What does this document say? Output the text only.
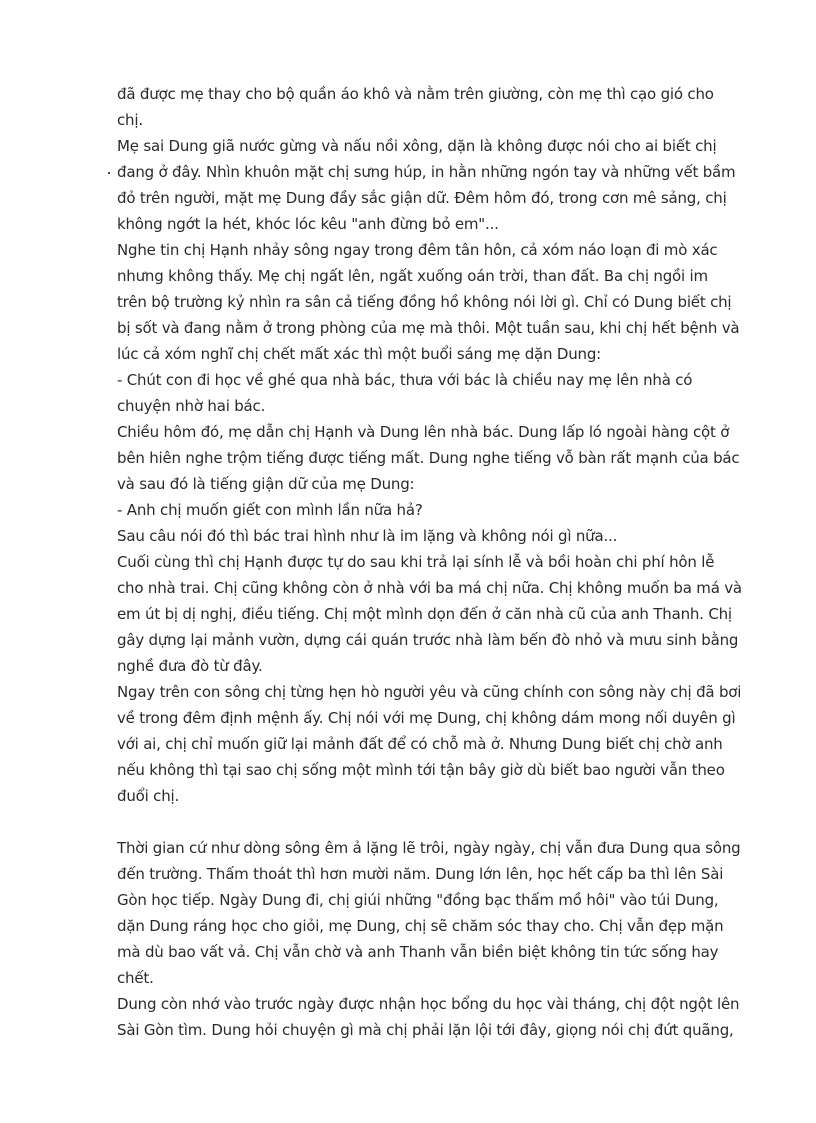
đã được mẹ thay cho bộ quần áo khô và nằm trên giường, còn mẹ thì cạo gió cho chị.

Mẹ sai Dung giã nước gừng và nấu nồi xông, dặn là không được nói cho ai biết chị đang ở đây. Nhìn khuôn mặt chị sưng húp, in hằn những ngón tay và những vết bầm đỏ trên người, mặt mẹ Dung đầy sắc giận dữ. Đêm hôm đó, trong cơn mê sảng, chị không ngớt la hét, khóc lóc kêu "anh đừng bỏ em"...

Nghe tin chị Hạnh nhảy sông ngay trong đêm tân hôn, cả xóm náo loạn đi mò xác nhưng không thấy. Mẹ chị ngất lên, ngất xuống oán trời, than đất. Ba chị ngồi im trên bộ trường kỷ nhìn ra sân cả tiếng đồng hồ không nói lời gì. Chỉ có Dung biết chị bị sốt và đang nằm ở trong phòng của mẹ mà thôi. Một tuần sau, khi chị hết bệnh và lúc cả xóm nghĩ chị chết mất xác thì một buổi sáng mẹ dặn Dung:

- Chút con đi học về ghé qua nhà bác, thưa với bác là chiều nay mẹ lên nhà có chuyện nhờ hai bác.

Chiều hôm đó, mẹ dẫn chị Hạnh và Dung lên nhà bác. Dung lấp ló ngoài hàng cột ở bên hiên nghe trộm tiếng được tiếng mất. Dung nghe tiếng vỗ bàn rất mạnh của bác và sau đó là tiếng giận dữ của mẹ Dung:

- Anh chị muốn giết con mình lần nữa hả?

Sau câu nói đó thì bác trai hình như là im lặng và không nói gì nữa...

Cuối cùng thì chị Hạnh được tự do sau khi trả lại sính lễ và bồi hoàn chi phí hôn lễ cho nhà trai. Chị cũng không còn ở nhà với ba má chị nữa. Chị không muốn ba má và em út bị dị nghị, điều tiếng. Chị một mình dọn đến ở căn nhà cũ của anh Thanh. Chị gây dựng lại mảnh vườn, dựng cái quán trước nhà làm bến đò nhỏ và mưu sinh bằng nghề đưa đò từ đây.

Ngay trên con sông chị từng hẹn hò người yêu và cũng chính con sông này chị đã bơi về trong đêm định mệnh ấy. Chị nói với mẹ Dung, chị không dám mong nối duyên gì với ai, chị chỉ muốn giữ lại mảnh đất để có chỗ mà ở. Nhưng Dung biết chị chờ anh nếu không thì tại sao chị sống một mình tới tận bây giờ dù biết bao người vẫn theo đuổi chị.

Thời gian cứ như dòng sông êm ả lặng lẽ trôi, ngày ngày, chị vẫn đưa Dung qua sông đến trường. Thấm thoát thì hơn mười năm. Dung lớn lên, học hết cấp ba thì lên Sài Gòn học tiếp. Ngày Dung đi, chị giúi những "đồng bạc thấm mồ hôi" vào túi Dung, dặn Dung ráng học cho giỏi, mẹ Dung, chị sẽ chăm sóc thay cho. Chị vẫn đẹp mặn mà dù bao vất vả. Chị vẫn chờ và anh Thanh vẫn biền biệt không tin tức sống hay chết.

Dung còn nhớ vào trước ngày được nhận học bổng du học vài tháng, chị đột ngột lên Sài Gòn tìm. Dung hỏi chuyện gì mà chị phải lặn lội tới đây, giọng nói chị đứt quãng,
